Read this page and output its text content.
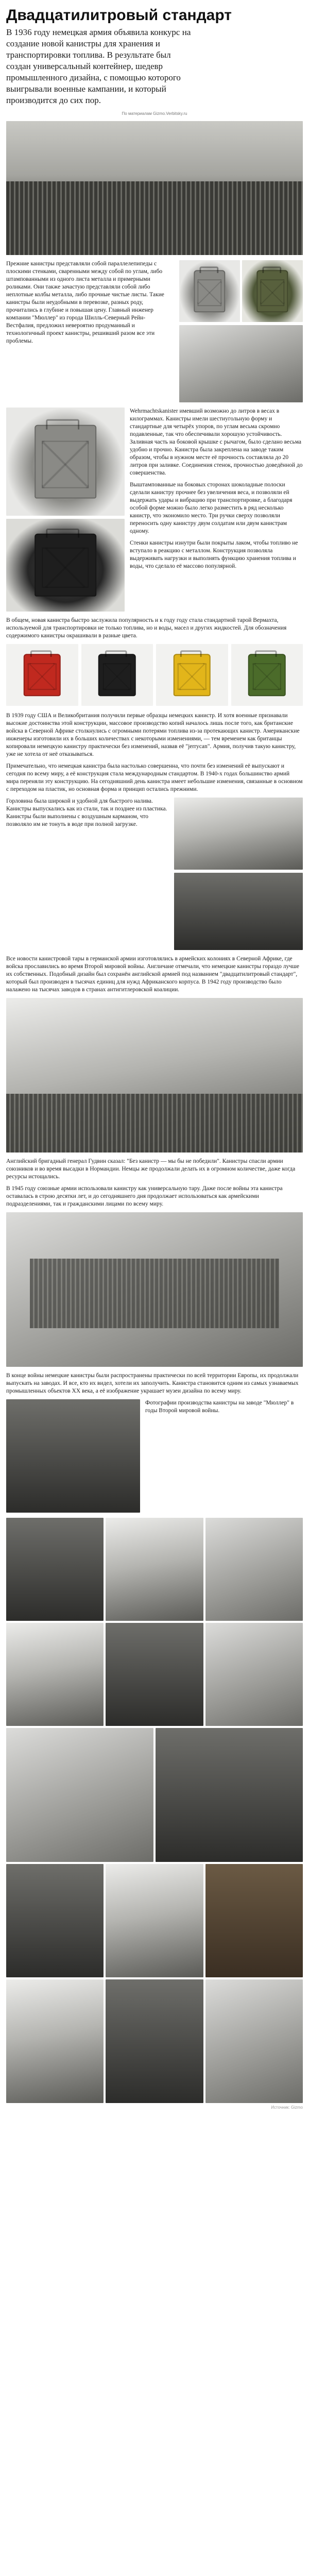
Двадцатилитровый стандарт

В 1936 году немецкая армия объявила конкурс на создание новой канистры для хранения и транспортировки топлива. В результате был создан универсальный контейнер, шедевр промышленного дизайна, с помощью которого выигрывали военные кампании, и который производится до сих пор.

По материалам Gizmo.Verbitsky.ru

Прежние канистры представляли собой параллелепипеды с плоскими стенками, сваренными между собой по углам, либо штампованными из одного листа металла и примерными роликами. Они также зачастую представляли собой либо неплотные колбы металла, либо прочные чистые листы. Такие канистры были неудобными в перевозке, разных роду, прочитались в глубине и повышая цену. Главный инженер компании "Мюллер" из города Шилль-Северный Рейн-Вестфалия, предложил невероятно продуманный и технологичный проект канистры, решивший разом все эти проблемы.

Wehrmachtskanister имевший возможно до литров в весах в килограммах. Канистры имели шестиугольную форму и стандартные для четырёх упоров, по углам весьма скромно подавленные, так что обеспечивали хорошую устойчивость. Заливная часть на боковой крышке с рычагом, было сделано весьма удобно и прочно. Канистра была закреплена на заводе таким образом, чтобы в нужном месте её прочность составляла до 20 литров при заливке. Соединения стенок, прочностью доведённой до совершенства.

Выштампованные на боковых сторонах шоколадные полоски сделали канистру прочнее без увеличения веса, и позволяли ей выдержать удары и вибрацию при транспортировке, а благодаря особой форме можно было легко разместить в ряд несколько канистр, что экономило место. Три ручки сверху позволяли переносить одну канистру двум солдатам или двум канистрам одному.

Стенки канистры изнутри были покрыты лаком, чтобы топливо не вступало в реакцию с металлом. Конструкция позволяла выдерживать нагрузки и выполнять функцию хранения топлива и воды, что сделало её массово популярной.

В общем, новая канистра быстро заслужила популярность и к году году стала стандартной тарой Вермахта, используемой для транспортировки не только топлива, но и воды, масел и других жидкостей. Для обозначения содержимого канистры окрашивали в разные цвета.

В 1939 году США и Великобритания получили первые образцы немецких канистр. И хотя военные признавали высокие достоинства этой конструкции, массовое производство копий началось лишь после того, как британские войска в Северной Африке столкнулись с огромными потерями топлива из-за протекающих канистр. Американские инженеры изготовили их в больших количествах с некоторыми изменениями, — тем временем как британцы копировали немецкую канистру практически без изменений, назвав её "jerrycan". Армия, получив такую канистру, уже не хотела от неё отказываться.

Примечательно, что немецкая канистра была настолько совершенна, что почти без изменений её выпускают и сегодня по всему миру, а её конструкция стала международным стандартом. В 1940-х годах большинство армий мира переняли эту конструкцию. На сегодняшний день канистра имеет небольшие изменения, связанные в основном с переходом на пластик, но основная форма и принцип остались прежними.

Горловина была широкой и удобной для быстрого налива. Канистры выпускались как из стали, так и позднее из пластика. Канистры были выполнены с воздушным карманом, что позволяло им не тонуть в воде при полной загрузке.

Все новости канистровой тары в германской армии изготовлялись в армейских колониях в Северной Африке, где войска прославились во время Второй мировой войны. Англичане отмечали, что немецкие канистры гораздо лучше их собственных. Подобный дизайн был сохранён английской армией под названием "двадцатилитровый стандарт", который был производен в тысячах единиц для нужд Африканского корпуса. В 1942 году производство было налажено на тысячах заводов в странах антигитлеровской коалиции.

Английский бригадный генерал Гудвин сказал: "Без канистр — мы бы не победили". Канистры спасли армии союзников и во время высадки в Нормандии. Немцы же продолжали делать их в огромном количестве, даже когда ресурсы истощались.

В 1945 году союзные армии использовали канистру как универсальную тару. Даже после войны эта канистра оставалась в строю десятки лет, и до сегодняшнего дня продолжает использоваться как армейскими подразделениями, так и гражданскими лицами по всему миру.

В конце войны немецкие канистры были распространены практически по всей территории Европы, их продолжали выпускать на заводах. И все, кто их видел, хотели их заполучить. Канистра становится одним из самых узнаваемых промышленных объектов XX века, а её изображение украшает музеи дизайна по всему миру.

Фотографии производства канистры на заводе "Мюллер" в годы Второй мировой войны.

Источник: Gizmo
